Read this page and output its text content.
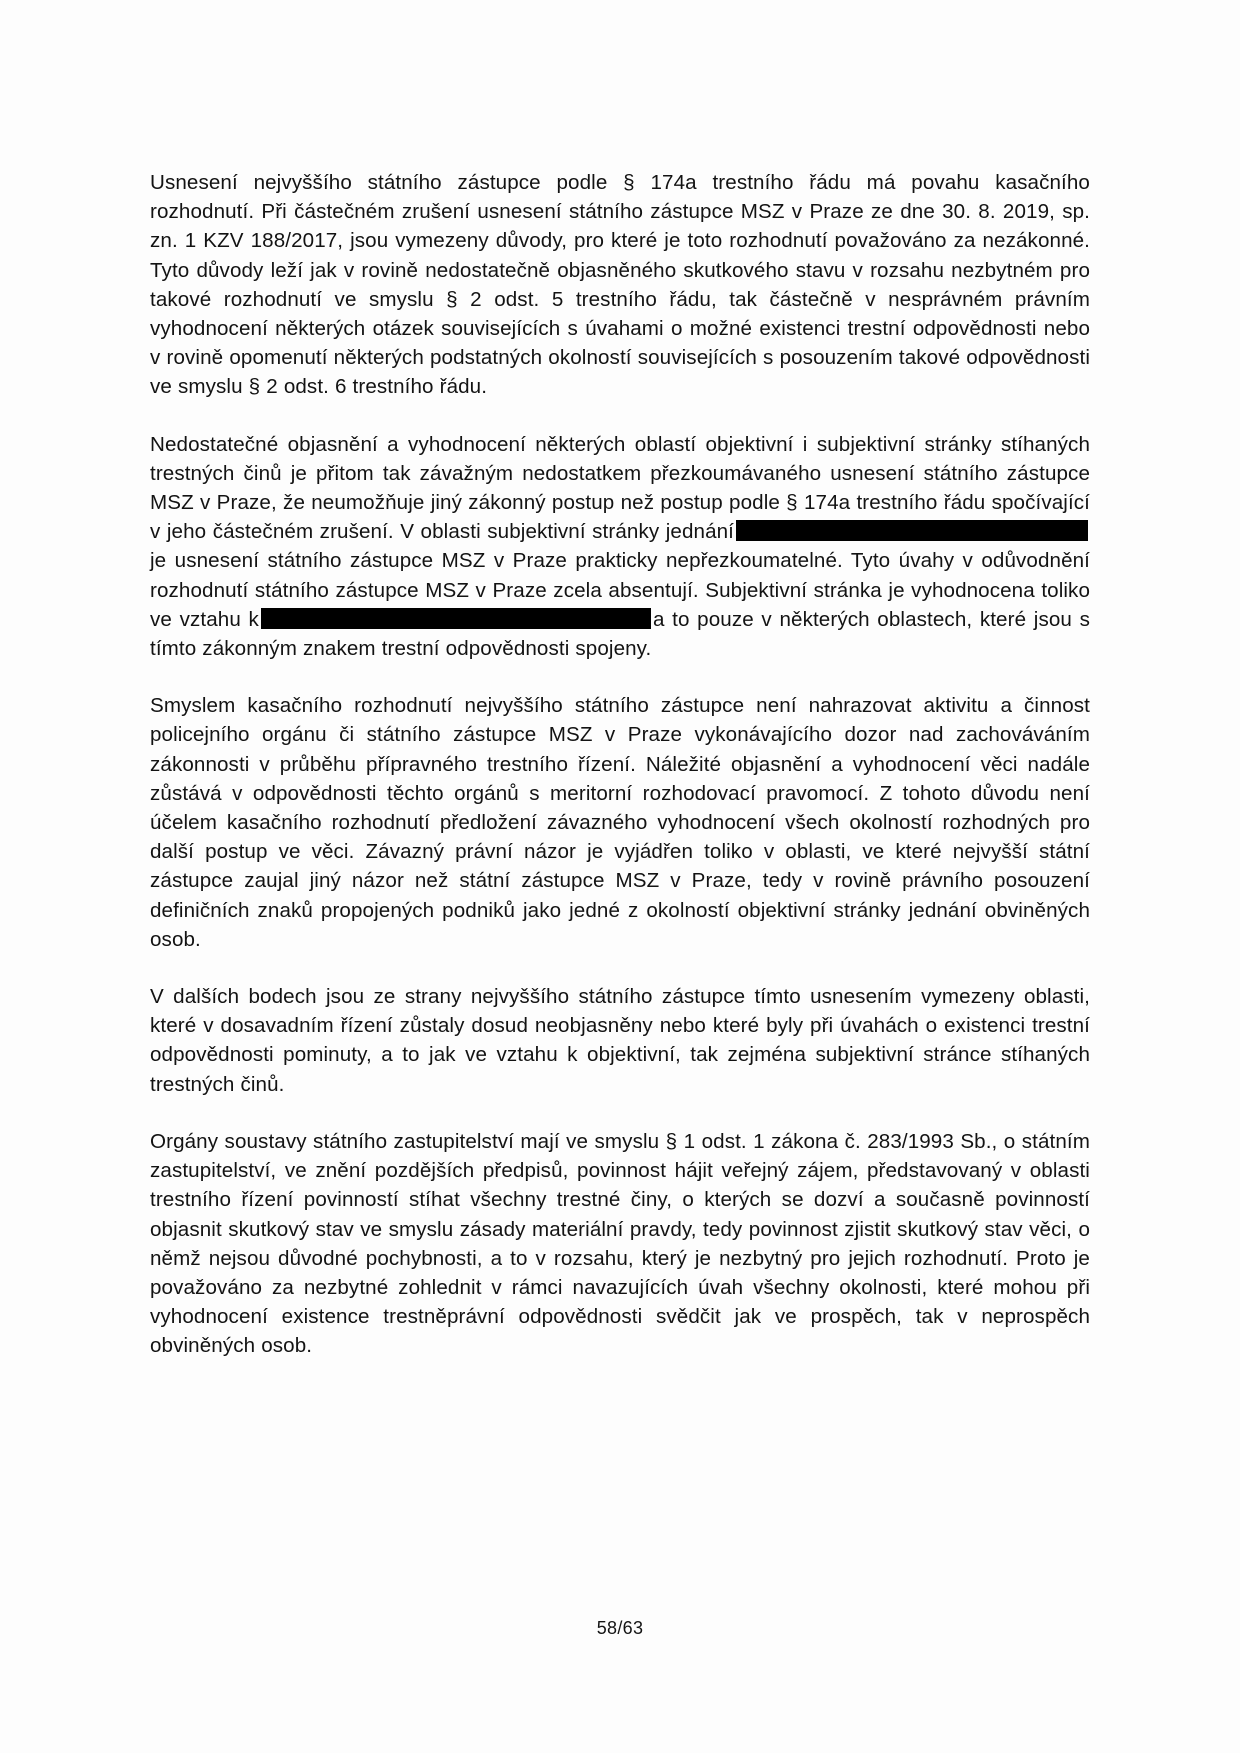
Usnesení nejvyššího státního zástupce podle § 174a trestního řádu má povahu kasačního rozhodnutí. Při částečném zrušení usnesení státního zástupce MSZ v Praze ze dne 30. 8. 2019, sp. zn. 1 KZV 188/2017, jsou vymezeny důvody, pro které je toto rozhodnutí považováno za nezákonné. Tyto důvody leží jak v rovině nedostatečně objasněného skutkového stavu v rozsahu nezbytném pro takové rozhodnutí ve smyslu § 2 odst. 5 trestního řádu, tak částečně v nesprávném právním vyhodnocení některých otázek souvisejících s úvahami o možné existenci trestní odpovědnosti nebo v rovině opomenutí některých podstatných okolností souvisejících s posouzením takové odpovědnosti ve smyslu § 2 odst. 6 trestního řádu.

Nedostatečné objasnění a vyhodnocení některých oblastí objektivní i subjektivní stránky stíhaných trestných činů je přitom tak závažným nedostatkem přezkoumávaného usnesení státního zástupce MSZ v Praze, že neumožňuje jiný zákonný postup než postup podle § 174a trestního řádu spočívající v jeho částečném zrušení. V oblasti subjektivní stránky jednáníje usnesení státního zástupce MSZ v Praze prakticky nepřezkoumatelné. Tyto úvahy v odůvodnění rozhodnutí státního zástupce MSZ v Praze zcela absentují. Subjektivní stránka je vyhodnocena toliko ve vztahu k	a to pouze v některých oblastech, které jsou s tímto zákonným znakem trestní odpovědnosti spojeny.

Smyslem kasačního rozhodnutí nejvyššího státního zástupce není nahrazovat aktivitu a činnost policejního orgánu či státního zástupce MSZ v Praze vykonávajícího dozor nad zachováváním zákonnosti v průběhu přípravného trestního řízení. Náležité objasnění a vyhodnocení věci nadále zůstává v odpovědnosti těchto orgánů s meritorní rozhodovací pravomocí. Z tohoto důvodu není účelem kasačního rozhodnutí předložení závazného vyhodnocení všech okolností rozhodných pro další postup ve věci. Závazný právní názor je vyjádřen toliko v oblasti, ve které nejvyšší státní zástupce zaujal jiný názor než státní zástupce MSZ v Praze, tedy v rovině právního posouzení definičních znaků propojených podniků jako jedné z okolností objektivní stránky jednání obviněných osob.

V dalších bodech jsou ze strany nejvyššího státního zástupce tímto usnesením vymezeny oblasti, které v dosavadním řízení zůstaly dosud neobjasněny nebo které byly při úvahách o existenci trestní odpovědnosti pominuty, a to jak ve vztahu k objektivní, tak zejména subjektivní stránce stíhaných trestných činů.

Orgány soustavy státního zastupitelství mají ve smyslu § 1 odst. 1 zákona č. 283/1993 Sb., o státním zastupitelství, ve znění pozdějších předpisů, povinnost hájit veřejný zájem, představovaný v oblasti trestního řízení povinností stíhat všechny trestné činy, o kterých se dozví a současně povinností objasnit skutkový stav ve smyslu zásady materiální pravdy, tedy povinnost zjistit skutkový stav věci, o němž nejsou důvodné pochybnosti, a to v rozsahu, který je nezbytný pro jejich rozhodnutí. Proto je považováno za nezbytné zohlednit v rámci navazujících úvah všechny okolnosti, které mohou při vyhodnocení existence trestněprávní odpovědnosti svědčit jak ve prospěch, tak v neprospěch obviněných osob.

58/63
